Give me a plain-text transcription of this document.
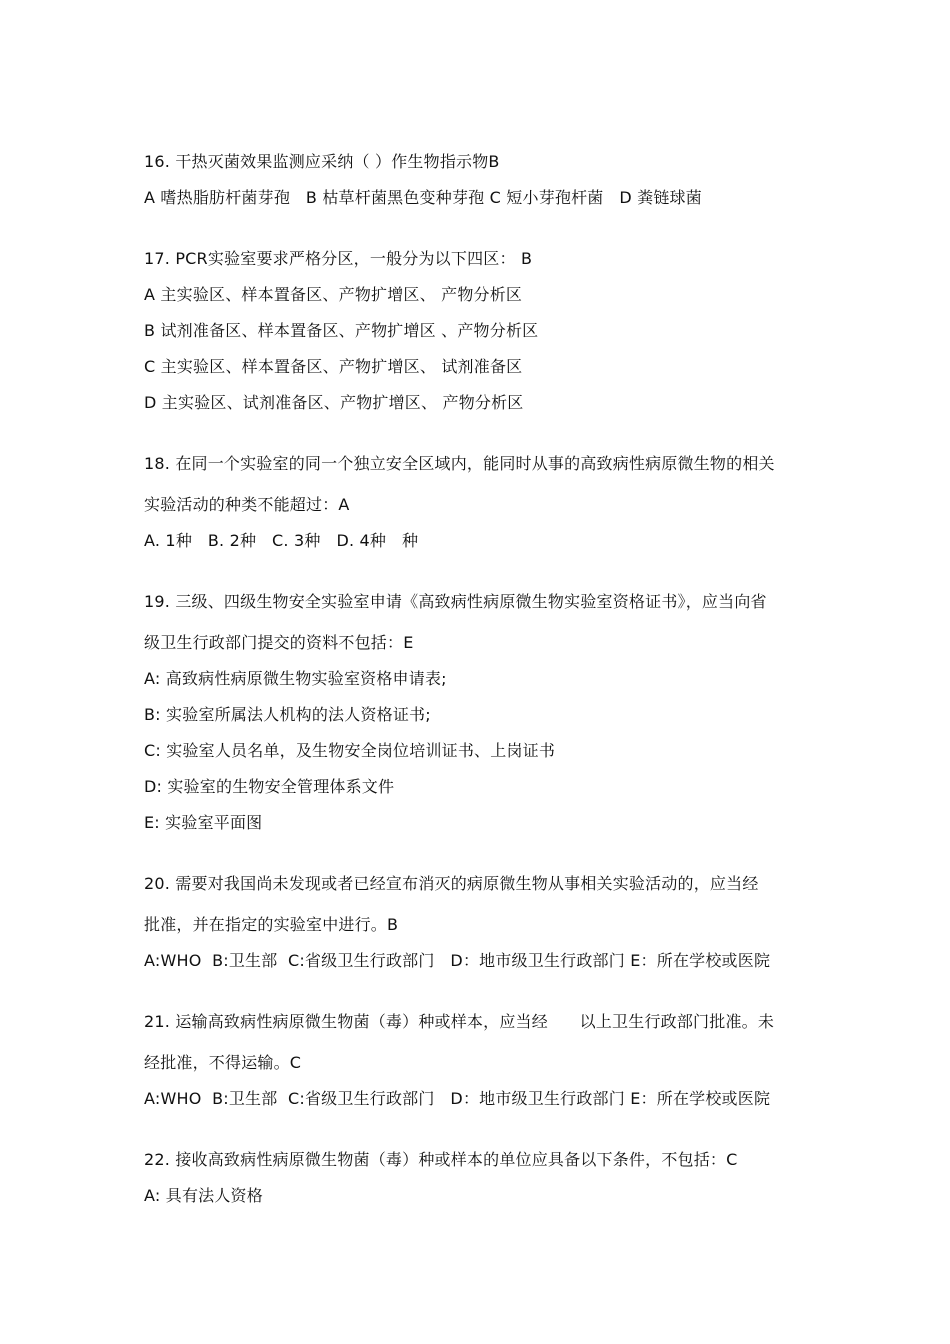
16. 干热灭菌效果监测应采纳（ ）作生物指示物B
A 嗜热脂肪杆菌芽孢   B 枯草杆菌黑色变种芽孢 C 短小芽孢杆菌   D 粪链球菌
17. PCR实验室要求严格分区，一般分为以下四区： B
A 主实验区、样本置备区、产物扩增区、 产物分析区
B 试剂准备区、样本置备区、产物扩增区 、产物分析区
C 主实验区、样本置备区、产物扩增区、 试剂准备区
D 主实验区、试剂准备区、产物扩增区、 产物分析区
18. 在同一个实验室的同一个独立安全区域内，能同时从事的高致病性病原微生物的相关
实验活动的种类不能超过：A
A. 1种   B. 2种   C. 3种   D. 4种   种
19. 三级、四级生物安全实验室申请《高致病性病原微生物实验室资格证书》，应当向省
级卫生行政部门提交的资料不包括：E
A: 高致病性病原微生物实验室资格申请表;
B: 实验室所属法人机构的法人资格证书;
C: 实验室人员名单，及生物安全岗位培训证书、上岗证书
D: 实验室的生物安全管理体系文件
E: 实验室平面图
20. 需要对我国尚未发现或者已经宣布消灭的病原微生物从事相关实验活动的，应当经
批准，并在指定的实验室中进行。B
A:WHO  B:卫生部  C:省级卫生行政部门   D：地市级卫生行政部门 E：所在学校或医院
21. 运输高致病性病原微生物菌（毒）种或样本，应当经      以上卫生行政部门批准。未
经批准，不得运输。C
A:WHO  B:卫生部  C:省级卫生行政部门   D：地市级卫生行政部门 E：所在学校或医院
22. 接收高致病性病原微生物菌（毒）种或样本的单位应具备以下条件，不包括：C
A: 具有法人资格
